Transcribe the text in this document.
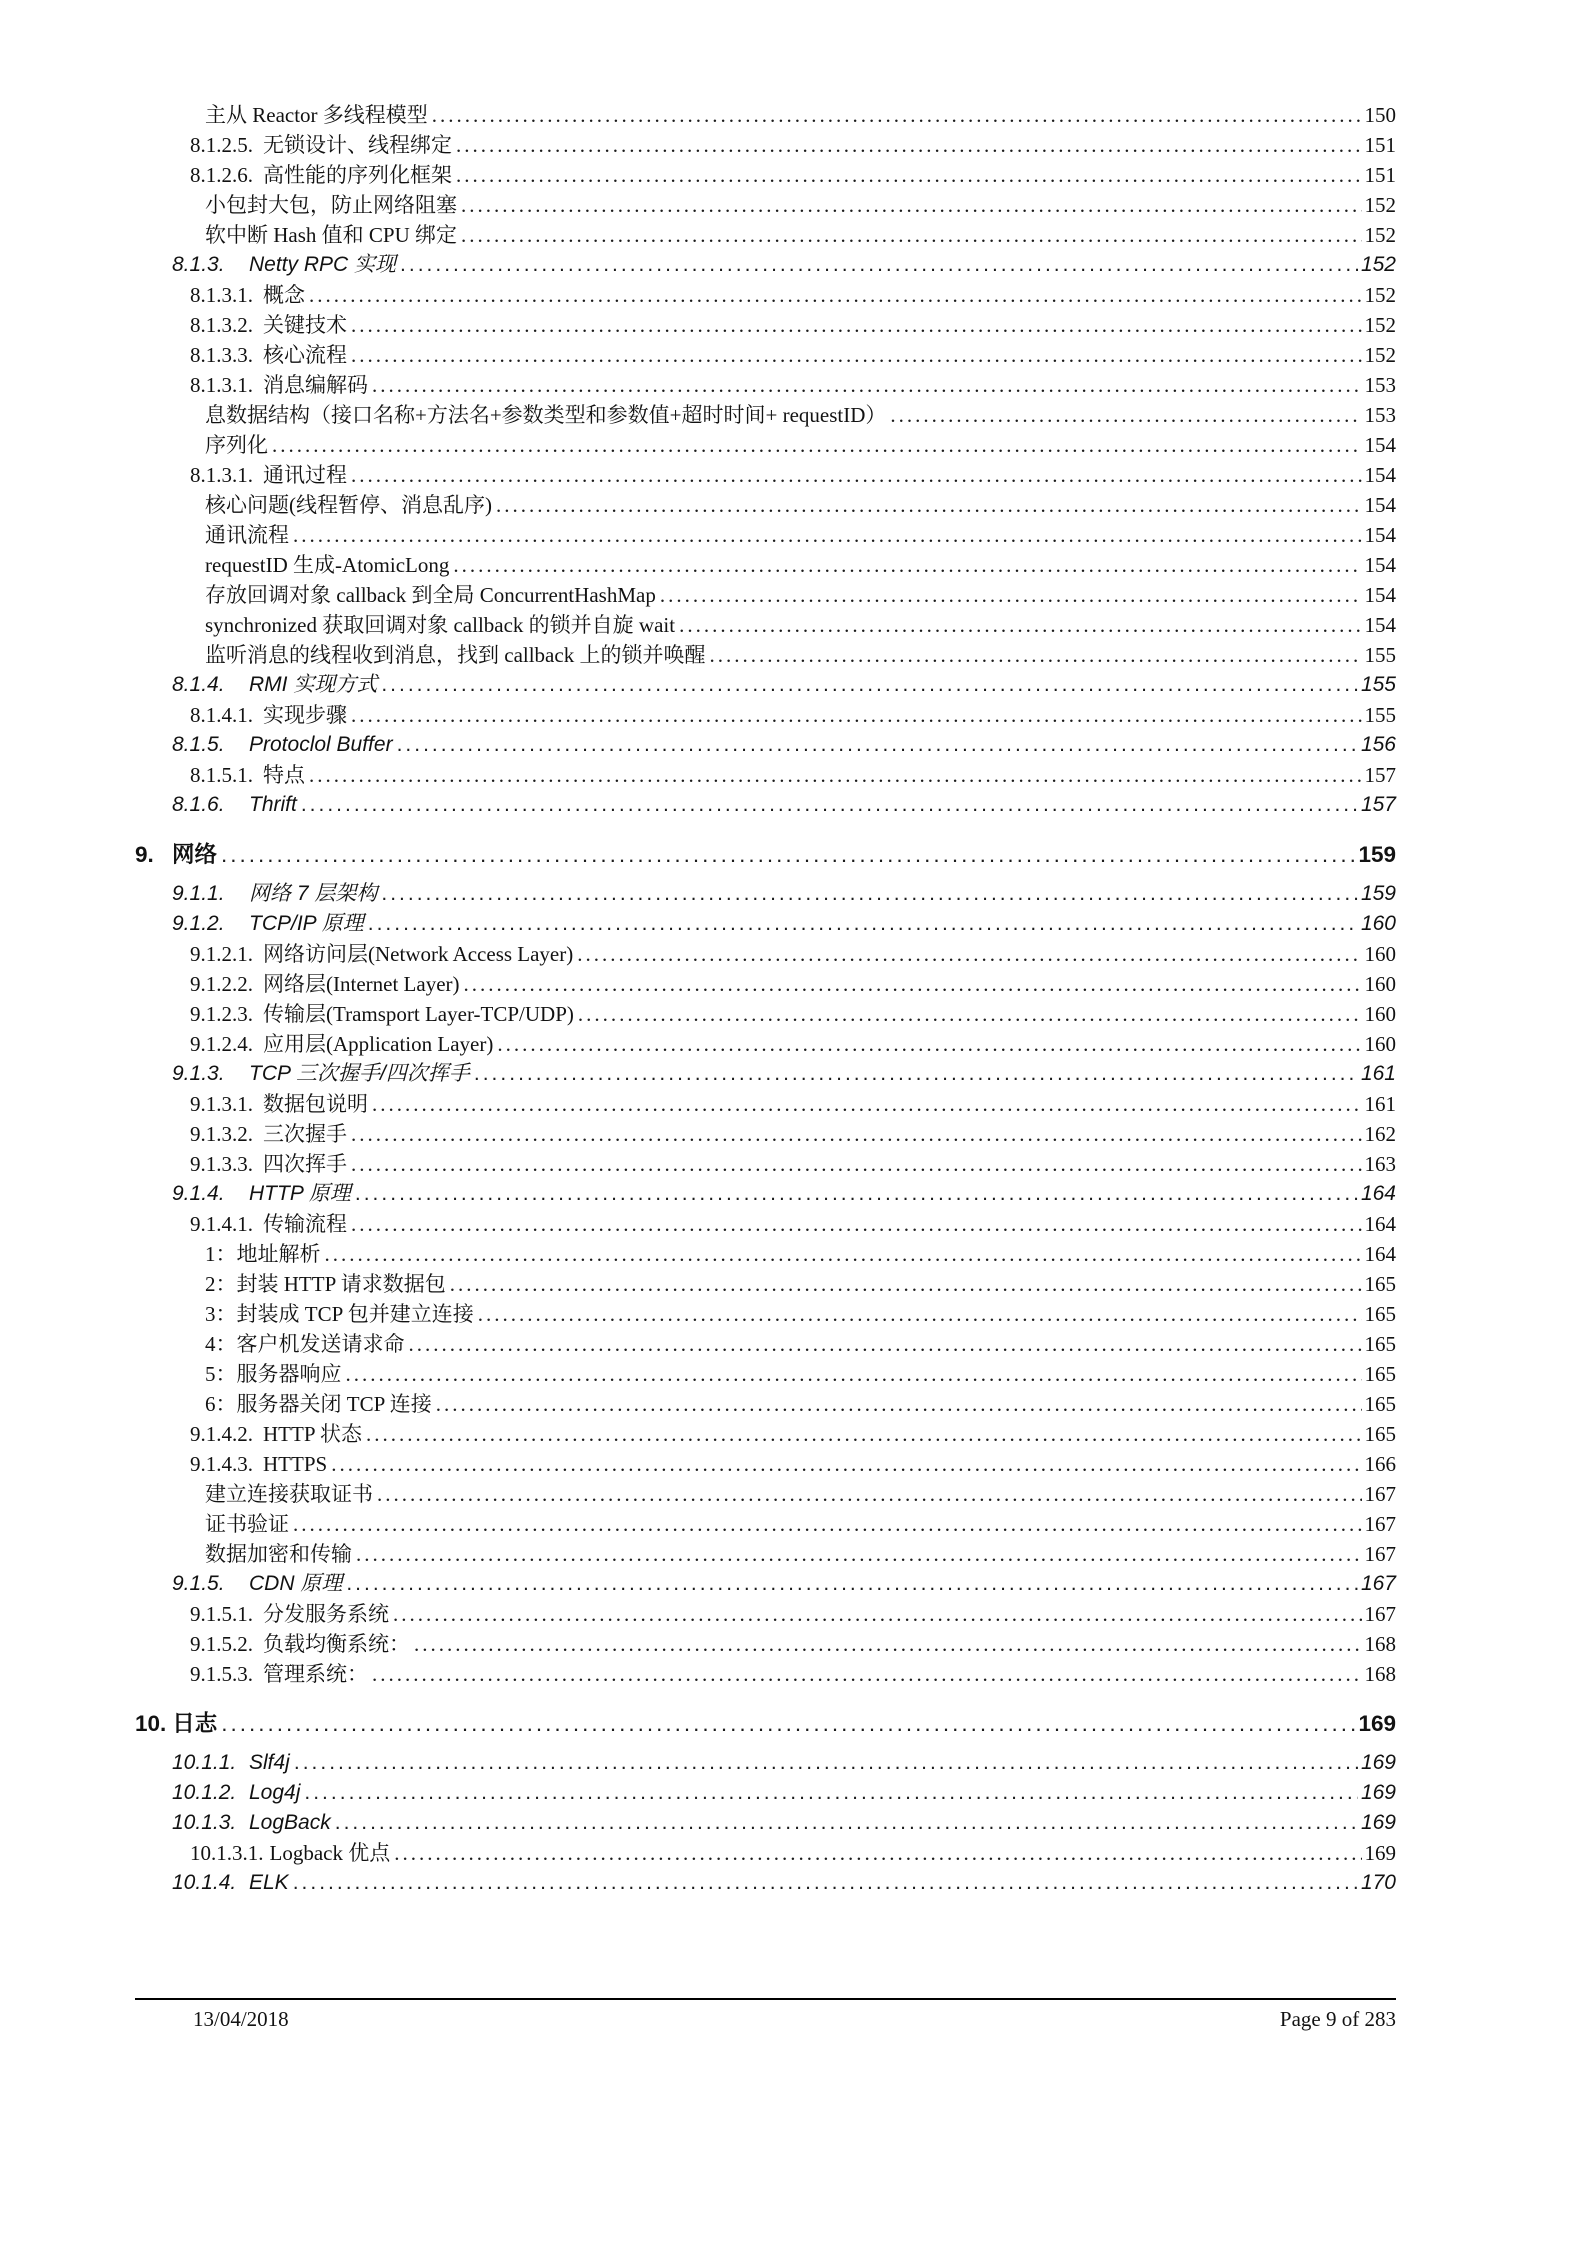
主从 Reactor 多线程模型 .....	150
8.1.2.5. 无锁设计、线程绑定 .....	151
8.1.2.6. 高性能的序列化框架 .....	151
小包封大包，防止网络阻塞 .....	152
软中断 Hash 值和 CPU 绑定 .....	152
8.1.3.	Netty RPC 实现 .....	152
8.1.3.1. 概念 .....	152
8.1.3.2. 关键技术 .....	152
8.1.3.3. 核心流程 .....	152
8.1.3.1. 消息编解码 .....	153
息数据结构（接口名称+方法名+参数类型和参数值+超时时间+ requestID） .....	153
序列化 .....	154
8.1.3.1. 通讯过程 .....	154
核心问题(线程暂停、消息乱序) .....	154
通讯流程 .....	154
requestID 生成-AtomicLong .....	154
存放回调对象 callback 到全局 ConcurrentHashMap .....	154
synchronized 获取回调对象 callback 的锁并自旋 wait .....	154
监听消息的线程收到消息，找到 callback 上的锁并唤醒 .....	155
8.1.4.	RMI 实现方式 .....	155
8.1.4.1. 实现步骤 .....	155
8.1.5.	Protoclol Buffer .....	156
8.1.5.1. 特点 .....	157
8.1.6.	Thrift .....	157
9. 网络 .....	159
9.1.1.	网络 7 层架构 .....	159
9.1.2.	TCP/IP 原理 .....	160
9.1.2.1. 网络访问层(Network Access Layer) .....	160
9.1.2.2. 网络层(Internet Layer) .....	160
9.1.2.3. 传输层(Tramsport Layer-TCP/UDP) .....	160
9.1.2.4. 应用层(Application Layer) .....	160
9.1.3.	TCP 三次握手/四次挥手 .....	161
9.1.3.1. 数据包说明 .....	161
9.1.3.2. 三次握手 .....	162
9.1.3.3. 四次挥手 .....	163
9.1.4.	HTTP 原理 .....	164
9.1.4.1. 传输流程 .....	164
1：地址解析 .....	164
2：封装 HTTP 请求数据包 .....	165
3：封装成 TCP 包并建立连接 .....	165
4：客户机发送请求命 .....	165
5：服务器响应 .....	165
6：服务器关闭 TCP 连接 .....	165
9.1.4.2. HTTP 状态 .....	165
9.1.4.3. HTTPS .....	166
建立连接获取证书 .....	167
证书验证 .....	167
数据加密和传输 .....	167
9.1.5.	CDN 原理 .....	167
9.1.5.1. 分发服务系统 .....	167
9.1.5.2. 负载均衡系统： .....	168
9.1.5.3. 管理系统： .....	168
10. 日志 .....	169
10.1.1. Slf4j .....	169
10.1.2. Log4j .....	169
10.1.3. LogBack .....	169
10.1.3.1. Logback 优点 .....	169
10.1.4. ELK .....	170
13/04/2018	Page 9 of 283
